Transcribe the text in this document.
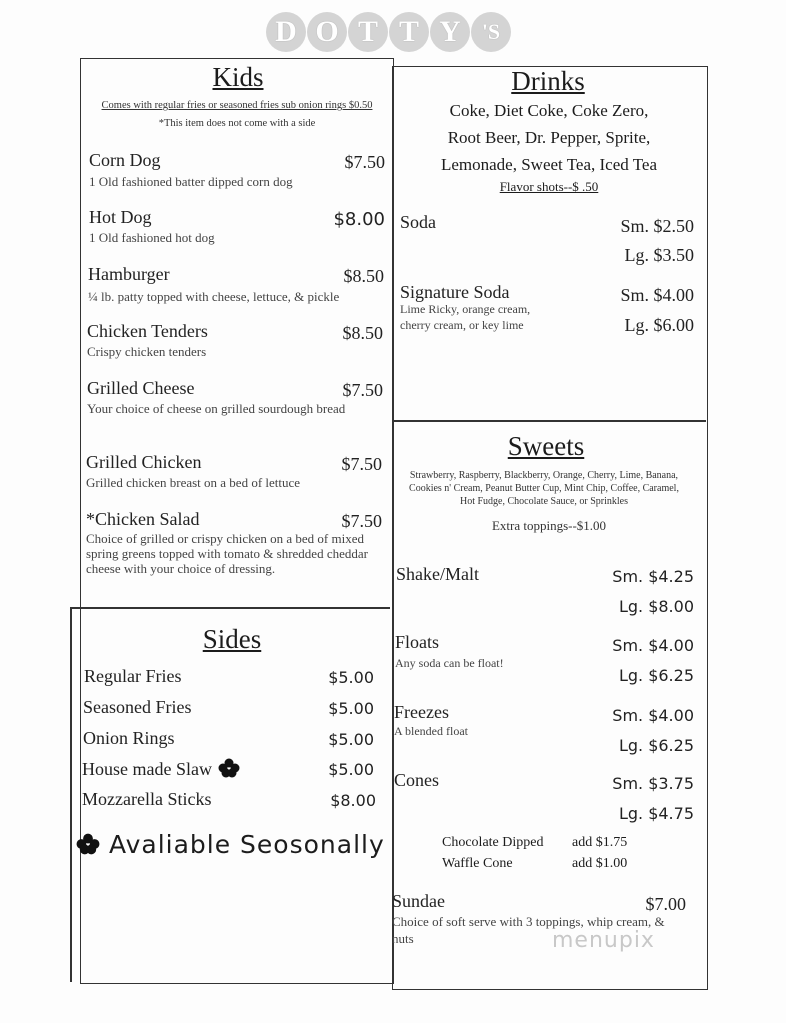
D O T T Y 'S
Kids
Comes with regular fries or seasoned fries sub onion rings $0.50
*This item does not come with a side
Corn Dog	$7.50
1 Old fashioned batter dipped corn dog
Hot Dog	$8.00
1 Old fashioned hot dog
Hamburger	$8.50
¼ lb. patty topped with cheese, lettuce, & pickle
Chicken Tenders	$8.50
Crispy chicken tenders
Grilled Cheese	$7.50
Your choice of cheese on grilled sourdough bread
Grilled Chicken	$7.50
Grilled chicken breast on a bed of lettuce
*Chicken Salad	$7.50
Choice of grilled or crispy chicken on a bed of mixed spring greens topped with tomato & shredded cheddar cheese with your choice of dressing.
Sides
Regular Fries	$5.00
Seasoned Fries	$5.00
Onion Rings	$5.00
House made Slaw	$5.00
Mozzarella Sticks	$8.00
Avaliable Seosonally
Drinks
Coke, Diet Coke, Coke Zero,
Root Beer, Dr. Pepper, Sprite,
Lemonade, Sweet Tea, Iced Tea
Flavor shots--$ .50
Soda	Sm. $2.50
Lg. $3.50
Signature Soda
Lime Ricky, orange cream, cherry cream, or key lime
Sm. $4.00
Lg. $6.00
Sweets
Strawberry, Raspberry, Blackberry, Orange, Cherry, Lime, Banana, Cookies n' Cream, Peanut Butter Cup, Mint Chip, Coffee, Caramel, Hot Fudge, Chocolate Sauce, or Sprinkles
Extra toppings--$1.00
Shake/Malt	Sm. $4.25
Lg. $8.00
Floats
Any soda can be float!
Sm. $4.00
Lg. $6.25
Freezes
A blended float
Sm. $4.00
Lg. $6.25
Cones	Sm. $3.75
Lg. $4.75
Chocolate Dipped add $1.75
Waffle Cone	add $1.00
Sundae	$7.00
Choice of soft serve with 3 toppings, whip cream, & nuts	menupix
